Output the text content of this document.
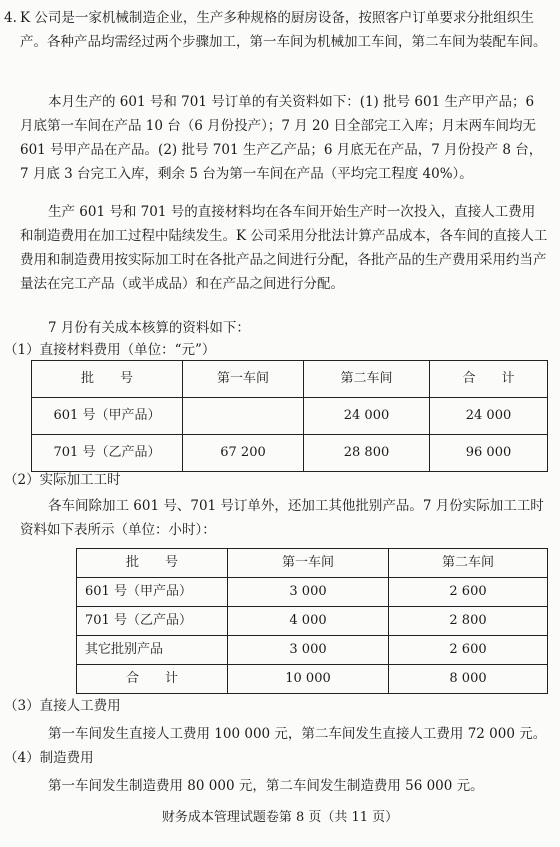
4. K 公司是一家机械制造企业，生产多种规格的厨房设备，按照客户订单要求分批组织生产。各种产品均需经过两个步骤加工，第一车间为机械加工车间，第二车间为装配车间。

本月生产的 601 号和 701 号订单的有关资料如下：(1) 批号 601 生产甲产品；6 月底第一车间在产品 10 台（6 月份投产）；7 月 20 日全部完工入库；月末两车间均无 601 号甲产品在产品。(2) 批号 701 生产乙产品；6 月底无在产品，7 月份投产 8 台，7 月底 3 台完工入库，剩余 5 台为第一车间在产品（平均完工程度 40%）。

生产 601 号和 701 号的直接材料均在各车间开始生产时一次投入，直接人工费用和制造费用在加工过程中陆续发生。K 公司采用分批法计算产品成本，各车间的直接人工费用和制造费用按实际加工时在各批产品之间进行分配，各批产品的生产费用采用约当产量法在完工产品（或半成品）和在产品之间进行分配。

7 月份有关成本核算的资料如下：

（1）直接材料费用（单位：“元”）

批　　号	第一车间	第二车间	合　　计
601 号（甲产品）		24 000	24 000
701 号（乙产品）	67 200	28 800	96 000

（2）实际加工工时

各车间除加工 601 号、701 号订单外，还加工其他批别产品。7 月份实际加工工时资料如下表所示（单位：小时）：

批　　号	第一车间	第二车间
601 号（甲产品）	3 000	2 600
701 号（乙产品）	4 000	2 800
其它批别产品	3 000	2 600
合　　计	10 000	8 000

（3）直接人工费用

第一车间发生直接人工费用 100 000 元，第二车间发生直接人工费用 72 000 元。

（4）制造费用

第一车间发生制造费用 80 000 元，第二车间发生制造费用 56 000 元。

财务成本管理试题卷第 8 页（共 11 页）
